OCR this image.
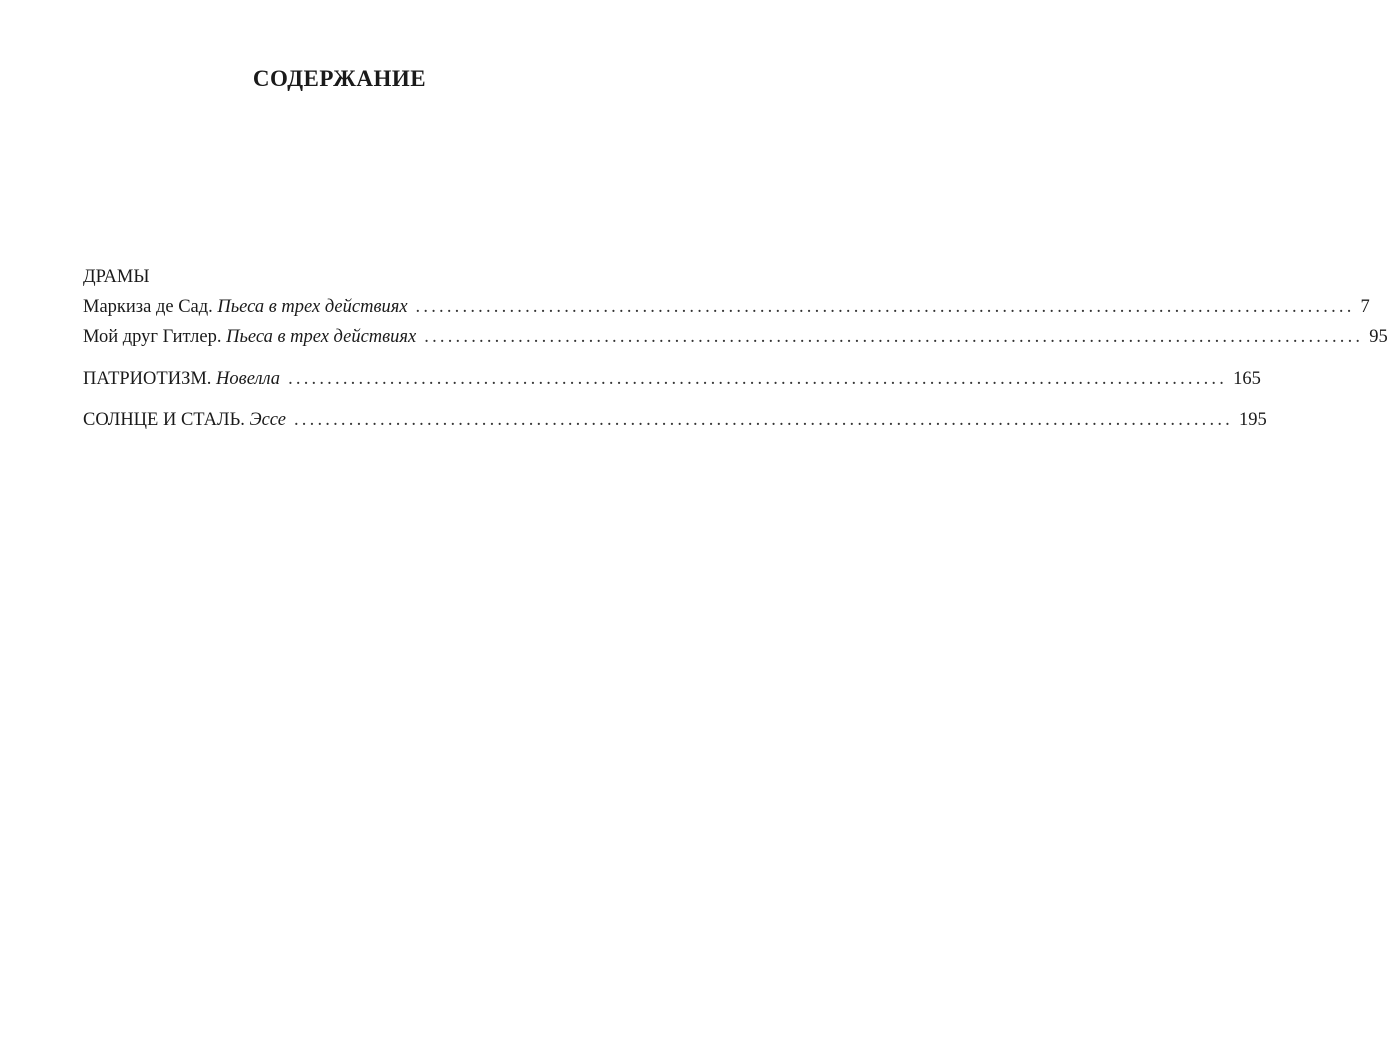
СОДЕРЖАНИЕ
ДРАМЫ
Маркиза де Сад.
Пьеса в трех действиях ........................................................................................................................ 7
Мой друг Гитлер.
Пьеса в трех действиях ........................................................................................................................ 95
ПАТРИОТИЗМ.
Новелла ........................................................................................................................ 165
СОЛНЦЕ И СТАЛЬ.
Эссе ........................................................................................................................ 195
